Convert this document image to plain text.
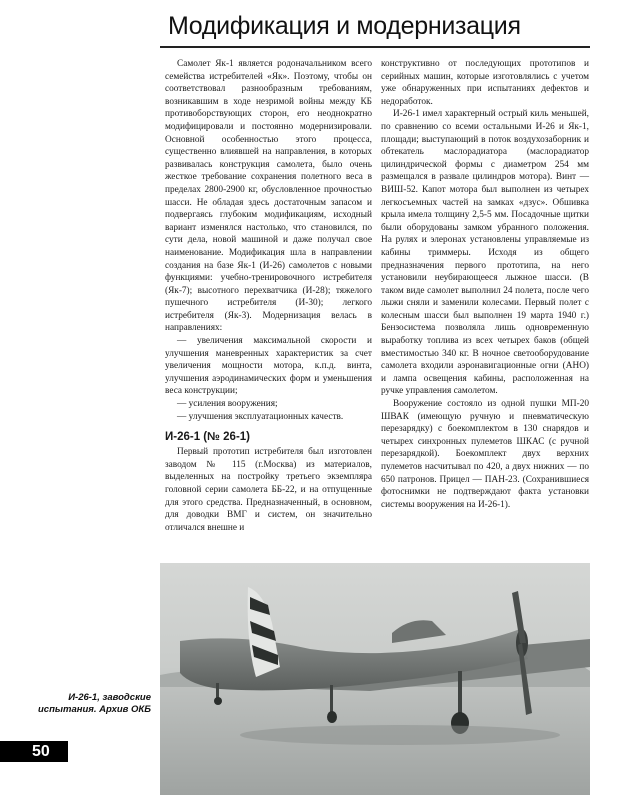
Модификация и модернизация

Самолет Як-1 является родоначальником всего семейства истребителей «Як». Поэтому, чтобы он соответствовал разнообразным требованиям, возникавшим в ходе незримой войны между КБ противоборствующих сторон, его неоднократно модифицировали и постоянно модернизировали. Основной особенностью этого процесса, существенно влиявшей на направления, в которых развивалась конструкция самолета, было очень жесткое требование сохранения полетного веса в пределах 2800-2900 кг, обусловленное прочностью шасси. Не обладая здесь достаточным запасом и подвергаясь глубоким модификациям, исходный вариант изменялся настолько, что становился, по сути дела, новой машиной и даже получал свое наименование. Модификация шла в направлении создания на базе Як-1 (И-26) самолетов с новыми функциями: учебно-тренировочного истребителя (Як-7); высотного перехватчика (И-28); тяжелого пушечного истребителя (И-30); легкого истребителя (Як-3). Модернизация велась в направлениях:

— увеличения максимальной скорости и улучшения маневренных характеристик за счет увеличения мощности мотора, к.п.д. винта, улучшения аэродинамических форм и уменьшения веса конструкции;

— усиления вооружения;

— улучшения эксплуатационных качеств.

И-26-1 (№ 26-1)

Первый прототип истребителя был изготовлен заводом № 115 (г.Москва) из материалов, выделенных на постройку третьего экземпляра головной серии самолета ББ-22, и на отпущенные для этого средства. Предназначенный, в основном, для доводки ВМГ и систем, он значительно отличался внешне и

конструктивно от последующих прототипов и серийных машин, которые изготовлялись с учетом уже обнаруженных при испытаниях дефектов и недоработок.

И-26-1 имел характерный острый киль меньшей, по сравнению со всеми остальными И-26 и Як-1, площади; выступающий в поток воздухозаборник и обтекатель маслорадиатора (маслорадиатор цилиндрической формы с диаметром 254 мм размещался в развале цилиндров мотора). Винт — ВИШ-52. Капот мотора был выполнен из четырех легкосъемных частей на замках «дзус». Обшивка крыла имела толщину 2,5-5 мм. Посадочные щитки были оборудованы замком убранного положения. На рулях и элеронах установлены управляемые из кабины триммеры. Исходя из общего предназначения первого прототипа, на него установили неубирающееся лыжное шасси. (В таком виде самолет выполнил 24 полета, после чего лыжи сняли и заменили колесами. Первый полет с колесным шасси был выполнен 19 марта 1940 г.) Бензосистема позволяла лишь одновременную выработку топлива из всех четырех баков (общей вместимостью 340 кг. В ночное светооборудование самолета входили аэронавигационные огни (АНО) и лампа освещения кабины, расположенная на ручке управления самолетом.

Вооружение состояло из одной пушки МП-20 ШВАК (имеющую ручную и пневматическую перезарядку) с боекомплектом в 130 снарядов и четырех синхронных пулеметов ШКАС (с ручной перезарядкой). Боекомплект двух верхних пулеметов насчитывал по 420, а двух нижних — по 650 патронов. Прицел — ПАН-23. (Сохранившиеся фотоснимки не подтверждают факта установки системы вооружения на И-26-1).

И-26-1, заводские испытания. Архив ОКБ
50
